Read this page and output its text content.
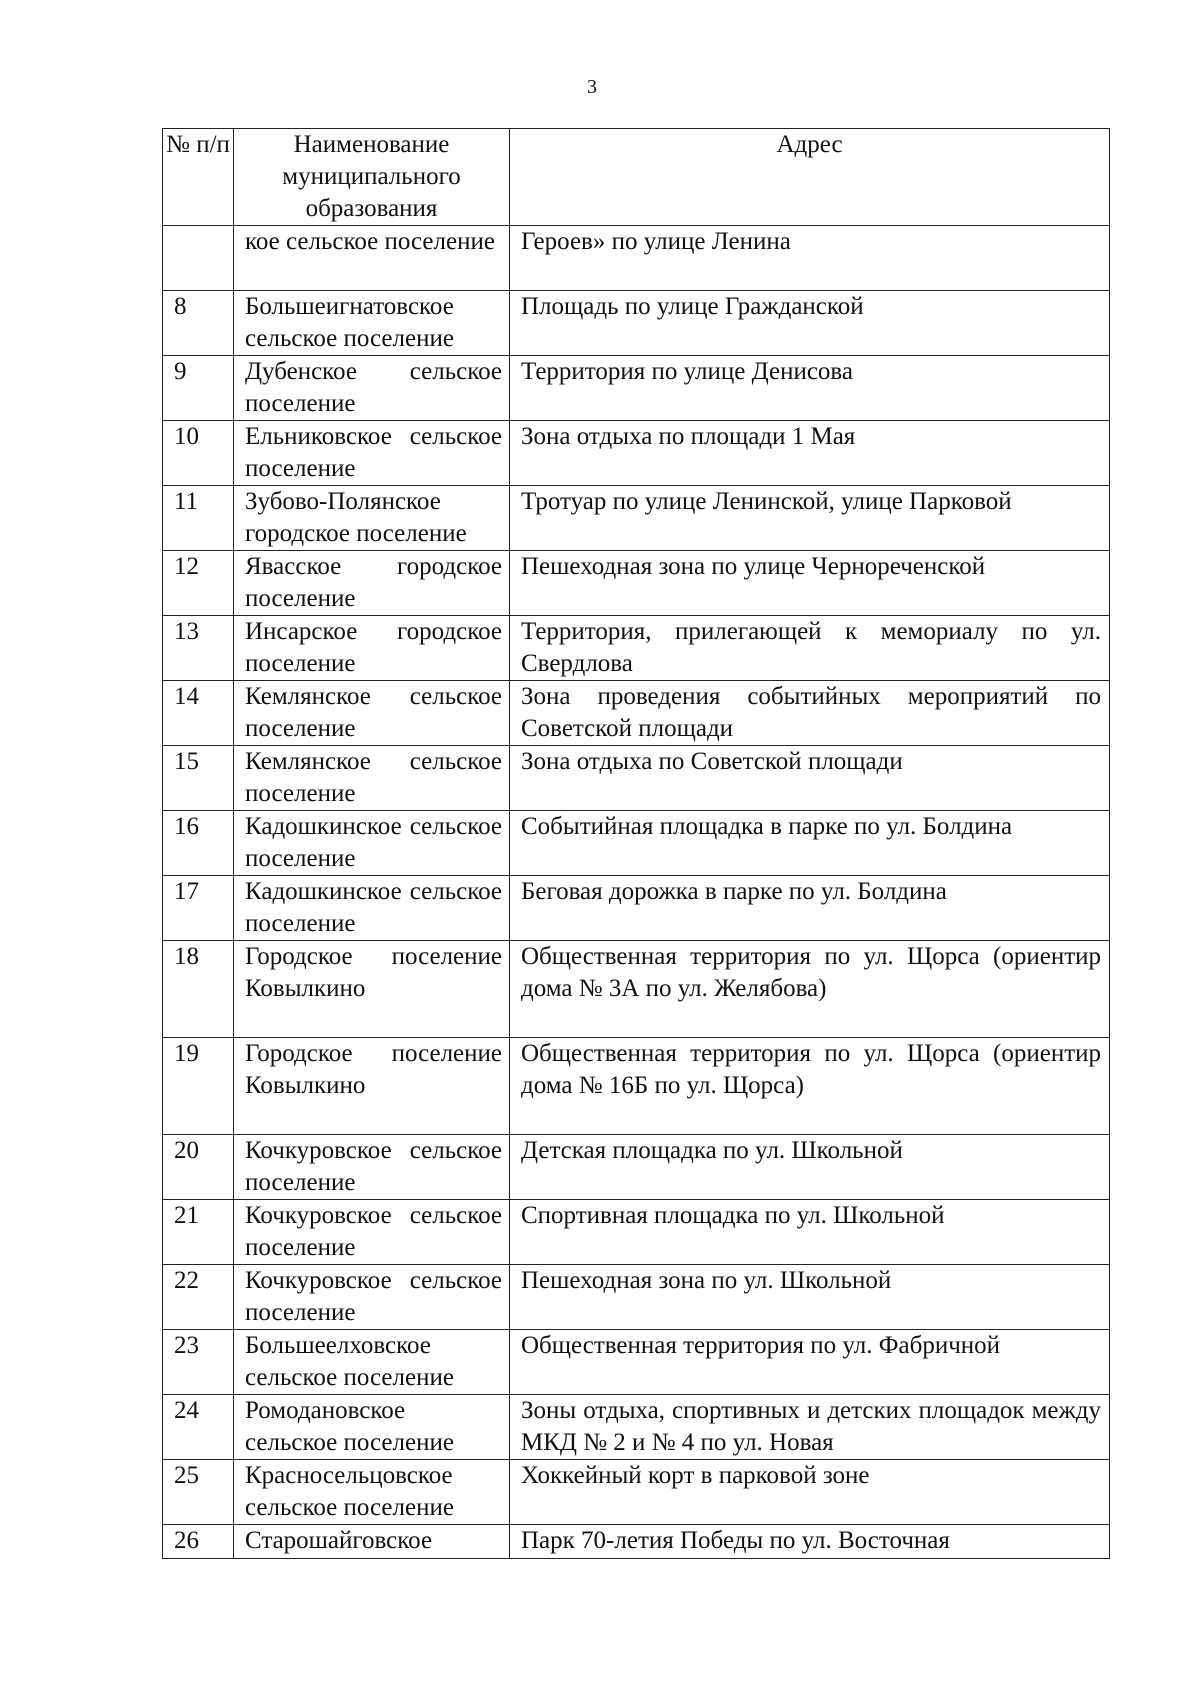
3
№ п/п	Наименование муниципального образования	Адрес
	кое сельское поселение	Героев» по улице Ленина
8	Большеигнатовское сельское поселение	Площадь по улице Гражданской
9	Дубенское сельское поселение	Территория по улице Денисова
10	Ельниковское сельское поселение	Зона отдыха по площади 1 Мая
11	Зубово-Полянское городское поселение	Тротуар по улице Ленинской, улице Парковой
12	Явасское городское поселение	Пешеходная зона по улице Чернореченской
13	Инсарское городское поселение	Территория, прилегающей к мемориалу по ул. Свердлова
14	Кемлянское сельское поселение	Зона проведения событийных мероприятий по Советской площади
15	Кемлянское сельское поселение	Зона отдыха по Советской площади
16	Кадошкинское сельское поселение	Событийная площадка в парке по ул. Болдина
17	Кадошкинское сельское поселение	Беговая дорожка в парке по ул. Болдина
18	Городское поселение Ковылкино	Общественная территория по ул. Щорса (ориентир дома № 3А по ул. Желябова)
19	Городское поселение Ковылкино	Общественная территория по ул. Щорса (ориентир дома № 16Б по ул. Щорса)
20	Кочкуровское сельское поселение	Детская площадка по ул. Школьной
21	Кочкуровское сельское поселение	Спортивная площадка по ул. Школьной
22	Кочкуровское сельское поселение	Пешеходная зона по ул. Школьной
23	Большеелховское сельское поселение	Общественная территория по ул. Фабричной
24	Ромодановское сельское поселение	Зоны отдыха, спортивных и детских площадок между МКД № 2 и № 4 по ул. Новая
25	Красносельцовское сельское поселение	Хоккейный корт в парковой зоне
26	Старошайговское	Парк 70-летия Победы по ул. Восточная
